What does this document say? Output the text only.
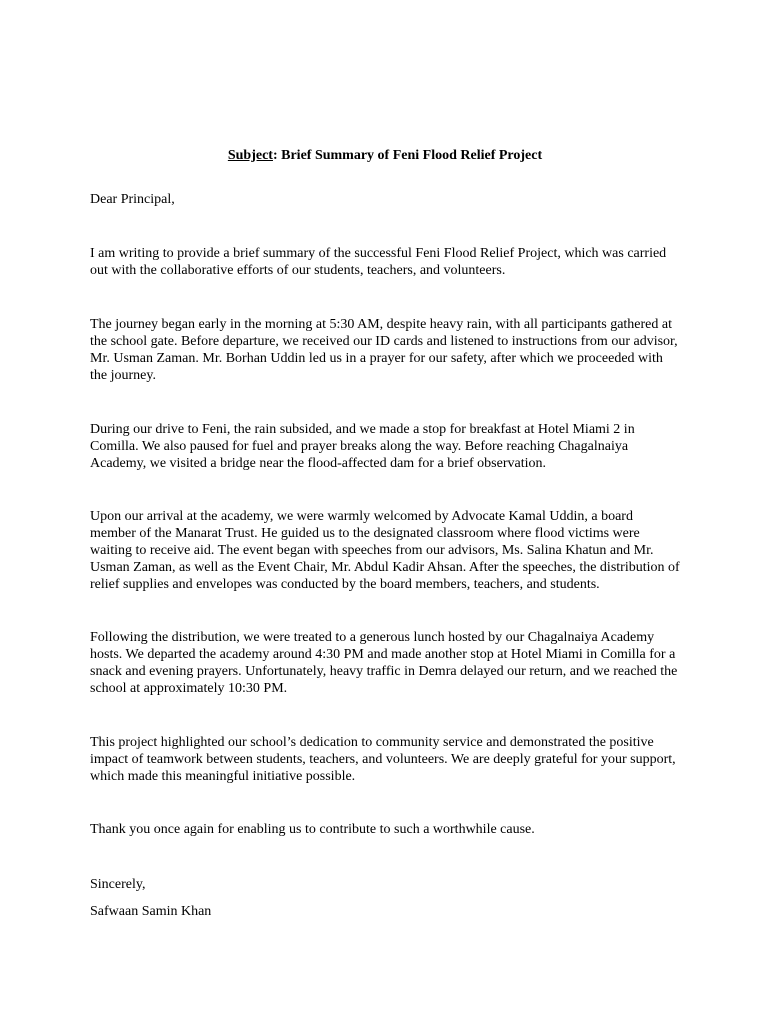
Subject: Brief Summary of Feni Flood Relief Project

Dear Principal,

I am writing to provide a brief summary of the successful Feni Flood Relief Project, which was carried out with the collaborative efforts of our students, teachers, and volunteers.

The journey began early in the morning at 5:30 AM, despite heavy rain, with all participants gathered at the school gate. Before departure, we received our ID cards and listened to instructions from our advisor, Mr. Usman Zaman. Mr. Borhan Uddin led us in a prayer for our safety, after which we proceeded with the journey.

During our drive to Feni, the rain subsided, and we made a stop for breakfast at Hotel Miami 2 in Comilla. We also paused for fuel and prayer breaks along the way. Before reaching Chagalnaiya Academy, we visited a bridge near the flood-affected dam for a brief observation.

Upon our arrival at the academy, we were warmly welcomed by Advocate Kamal Uddin, a board member of the Manarat Trust. He guided us to the designated classroom where flood victims were waiting to receive aid. The event began with speeches from our advisors, Ms. Salina Khatun and Mr. Usman Zaman, as well as the Event Chair, Mr. Abdul Kadir Ahsan. After the speeches, the distribution of relief supplies and envelopes was conducted by the board members, teachers, and students.

Following the distribution, we were treated to a generous lunch hosted by our Chagalnaiya Academy hosts. We departed the academy around 4:30 PM and made another stop at Hotel Miami in Comilla for a snack and evening prayers. Unfortunately, heavy traffic in Demra delayed our return, and we reached the school at approximately 10:30 PM.

This project highlighted our school’s dedication to community service and demonstrated the positive impact of teamwork between students, teachers, and volunteers. We are deeply grateful for your support, which made this meaningful initiative possible.

Thank you once again for enabling us to contribute to such a worthwhile cause.

Sincerely,

Safwaan Samin Khan
